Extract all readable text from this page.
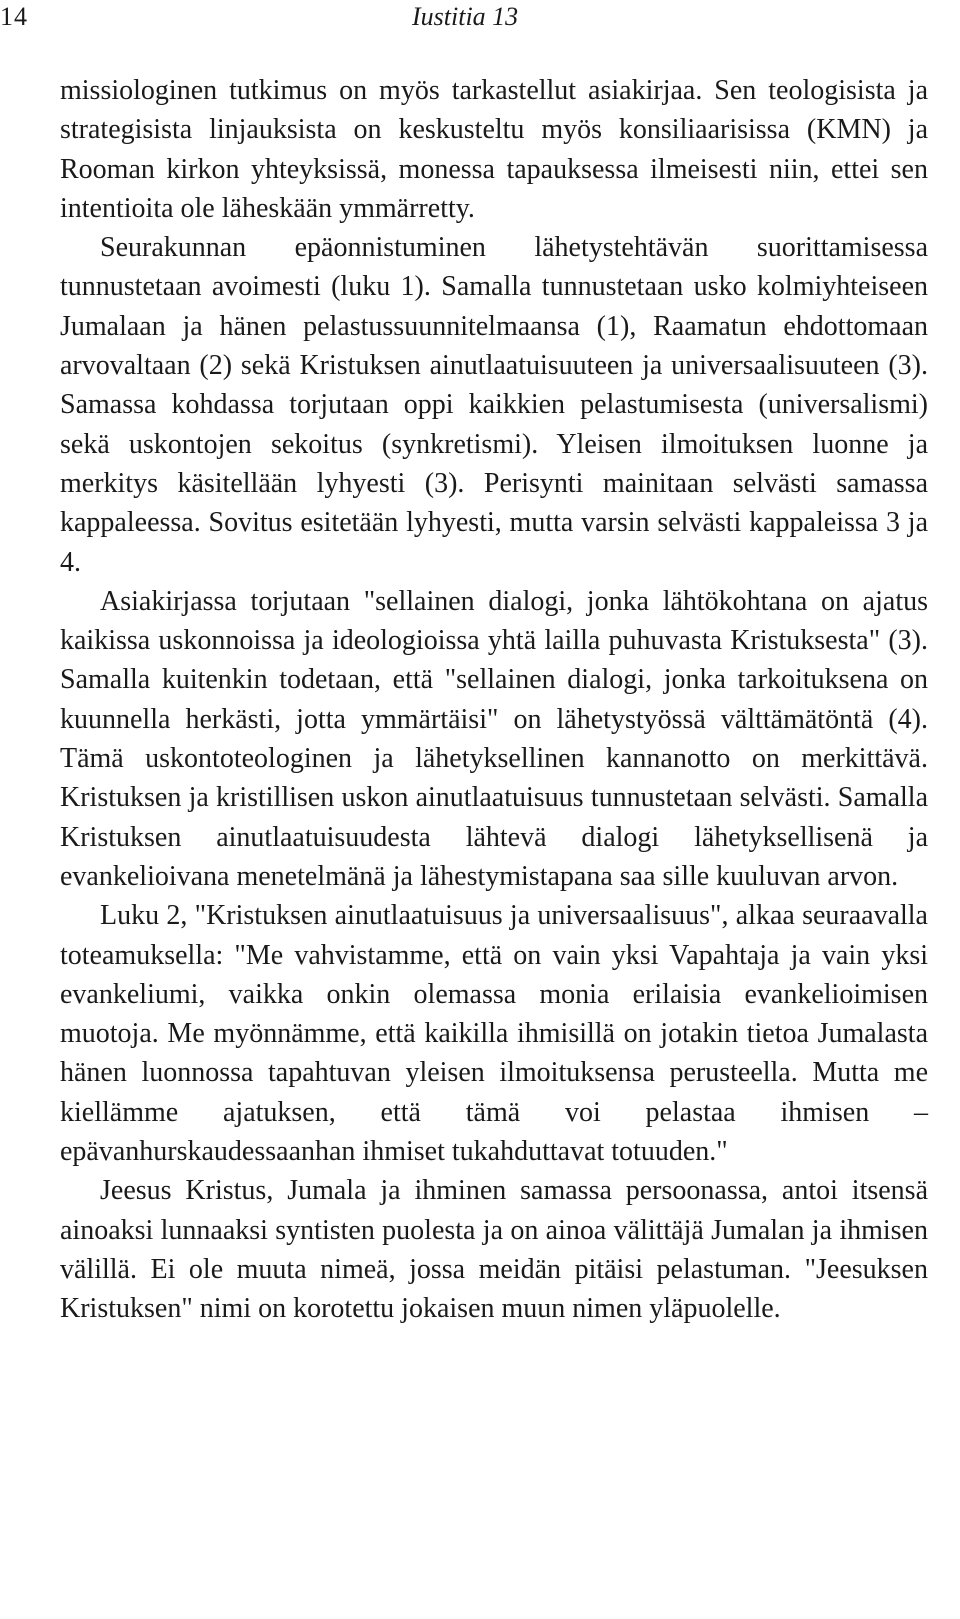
14	Iustitia 13

missiologinen tutkimus on myös tarkastellut asiakirjaa. Sen teologisista ja strategisista linjauksista on keskusteltu myös konsiliaarisissa (KMN) ja Rooman kirkon yhteyksissä, monessa tapauksessa ilmeisesti niin, ettei sen intentioita ole läheskään ymmärretty.

Seurakunnan epäonnistuminen lähetystehtävän suorittamisessa tunnustetaan avoimesti (luku 1). Samalla tunnustetaan usko kolmiyhteiseen Jumalaan ja hänen pelastussuunnitelmaansa (1), Raamatun ehdottomaan arvovaltaan (2) sekä Kristuksen ainutlaatuisuuteen ja universaalisuuteen (3). Samassa kohdassa torjutaan oppi kaikkien pelastumisesta (universalismi) sekä uskontojen sekoitus (synkretismi). Yleisen ilmoituksen luonne ja merkitys käsitellään lyhyesti (3). Perisynti mainitaan selvästi samassa kappaleessa. Sovitus esitetään lyhyesti, mutta varsin selvästi kappaleissa 3 ja 4.

Asiakirjassa torjutaan "sellainen dialogi, jonka lähtökohtana on ajatus kaikissa uskonnoissa ja ideologioissa yhtä lailla puhuvasta Kristuksesta" (3). Samalla kuitenkin todetaan, että "sellainen dialogi, jonka tarkoituksena on kuunnella herkästi, jotta ymmärtäisi" on lähetystyössä välttämätöntä (4). Tämä uskontoteologinen ja lähetyksellinen kannanotto on merkittävä. Kristuksen ja kristillisen uskon ainutlaatuisuus tunnustetaan selvästi. Samalla Kristuksen ainutlaatuisuudesta lähtevä dialogi lähetyksellisenä ja evankelioivana menetelmänä ja lähestymistapana saa sille kuuluvan arvon.

Luku 2, "Kristuksen ainutlaatuisuus ja universaalisuus", alkaa seuraavalla toteamuksella: "Me vahvistamme, että on vain yksi Vapahtaja ja vain yksi evankeliumi, vaikka onkin olemassa monia erilaisia evankelioimisen muotoja. Me myönnämme, että kaikilla ihmisillä on jotakin tietoa Jumalasta hänen luonnossa tapahtuvan yleisen ilmoituksensa perusteella. Mutta me kiellämme ajatuksen, että tämä voi pelastaa ihmisen – epävanhurskaudessaanhan ihmiset tukahduttavat totuuden."

Jeesus Kristus, Jumala ja ihminen samassa persoonassa, antoi itsensä ainoaksi lunnaaksi syntisten puolesta ja on ainoa välittäjä Jumalan ja ihmisen välillä. Ei ole muuta nimeä, jossa meidän pitäisi pelastuman. "Jeesuksen Kristuksen" nimi on korotettu jokaisen muun nimen yläpuolelle.
